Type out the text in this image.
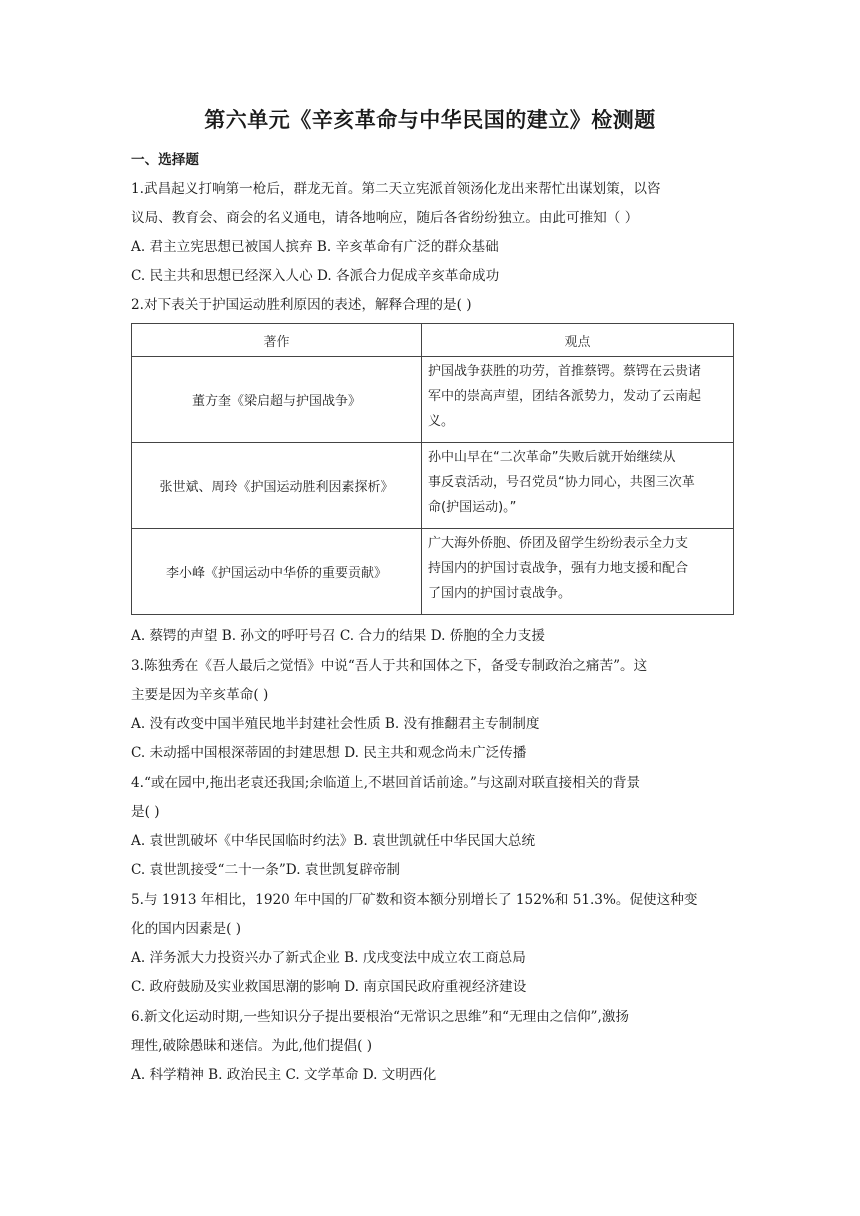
第六单元《辛亥革命与中华民国的建立》检测题
一、选择题
1.武昌起义打响第一枪后，群龙无首。第二天立宪派首领汤化龙出来帮忙出谋划策，以咨
议局、教育会、商会的名义通电，请各地响应，随后各省纷纷独立。由此可推知（ ）
A. 君主立宪思想已被国人摈弃 B. 辛亥革命有广泛的群众基础
C. 民主共和思想已经深入人心 D. 各派合力促成辛亥革命成功
2.对下表关于护国运动胜利原因的表述，解释合理的是( )
著作	观点
董方奎《梁启超与护国战争》	护国战争获胜的功劳，首推蔡锷。蔡锷在云贵诸
军中的崇高声望，团结各派势力，发动了云南起
义。

张世斌、周玲《护国运动胜利因素探析》	孙中山早在“二次革命”失败后就开始继续从
事反袁活动，号召党员“协力同心，共图三次革
命(护国运动)。”

李小峰《护国运动中华侨的重要贡献》	广大海外侨胞、侨团及留学生纷纷表示全力支
持国内的护国讨袁战争，强有力地支援和配合
了国内的护国讨袁战争。
A. 蔡锷的声望 B. 孙文的呼吁号召 C. 合力的结果 D. 侨胞的全力支援
3.陈独秀在《吾人最后之觉悟》中说“吾人于共和国体之下，备受专制政治之痛苦”。这
主要是因为辛亥革命( )
A. 没有改变中国半殖民地半封建社会性质 B. 没有推翻君主专制制度
C. 未动摇中国根深蒂固的封建思想 D. 民主共和观念尚未广泛传播
4.“或在园中,拖出老袁还我国;余临道上,不堪回首话前途。”与这副对联直接相关的背景
是( )
A. 袁世凯破坏《中华民国临时约法》B. 袁世凯就任中华民国大总统
C. 袁世凯接受“二十一条”D. 袁世凯复辟帝制
5.与 1913 年相比，1920 年中国的厂矿数和资本额分别增长了 152%和 51.3%。促使这种变
化的国内因素是( )
A. 洋务派大力投资兴办了新式企业 B. 戊戌变法中成立农工商总局
C. 政府鼓励及实业救国思潮的影响 D. 南京国民政府重视经济建设
6.新文化运动时期,一些知识分子提出要根治“无常识之思维”和“无理由之信仰”,激扬
理性,破除愚昧和迷信。为此,他们提倡( )
A. 科学精神 B. 政治民主 C. 文学革命 D. 文明西化
